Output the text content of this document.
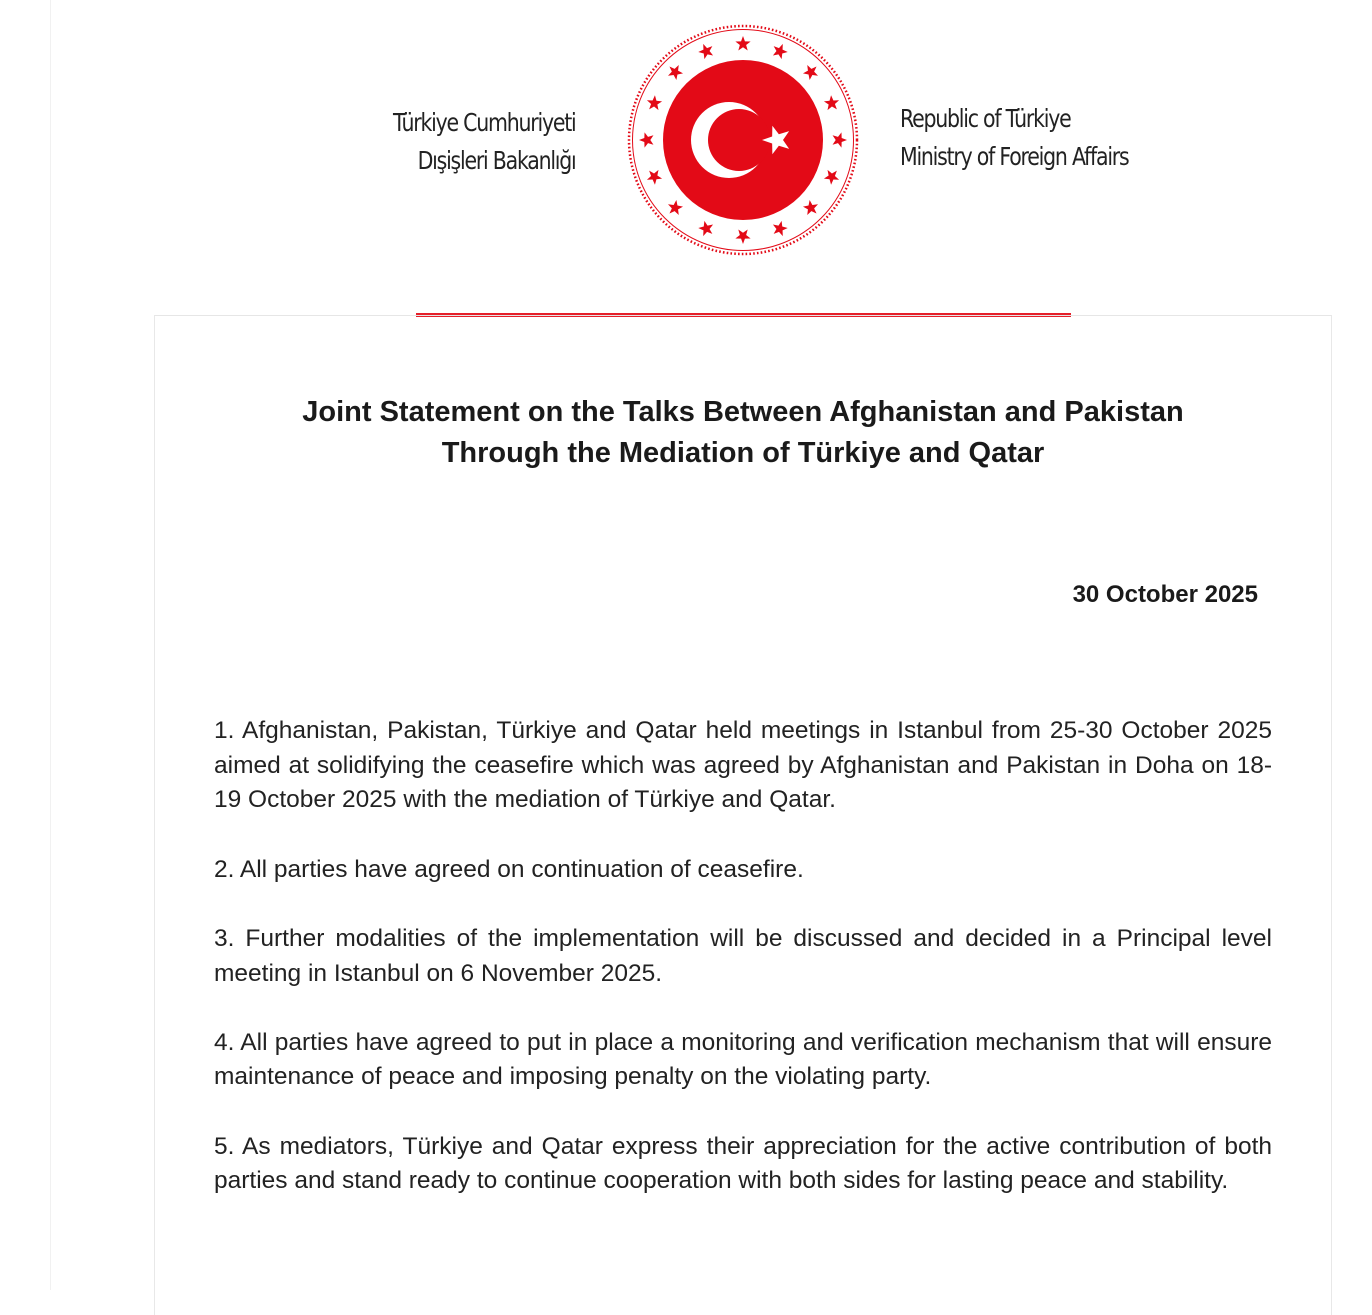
Türkiye Cumhuriyeti
Dışişleri Bakanlığı
Republic of Türkiye
Ministry of Foreign Affairs
Joint Statement on the Talks Between Afghanistan and Pakistan
Through the Mediation of Türkiye and Qatar
30 October 2025

1. Afghanistan, Pakistan, Türkiye and Qatar held meetings in Istanbul from 25-30 October 2025 aimed at solidifying the ceasefire which was agreed by Afghanistan and Pakistan in Doha on 18-19 October 2025 with the mediation of Türkiye and Qatar.

2. All parties have agreed on continuation of ceasefire.

3. Further modalities of the implementation will be discussed and decided in a Principal level meeting in Istanbul on 6 November 2025.

4. All parties have agreed to put in place a monitoring and verification mechanism that will ensure maintenance of peace and imposing penalty on the violating party.

5. As mediators, Türkiye and Qatar express their appreciation for the active contribution of both parties and stand ready to continue cooperation with both sides for lasting peace and stability.
